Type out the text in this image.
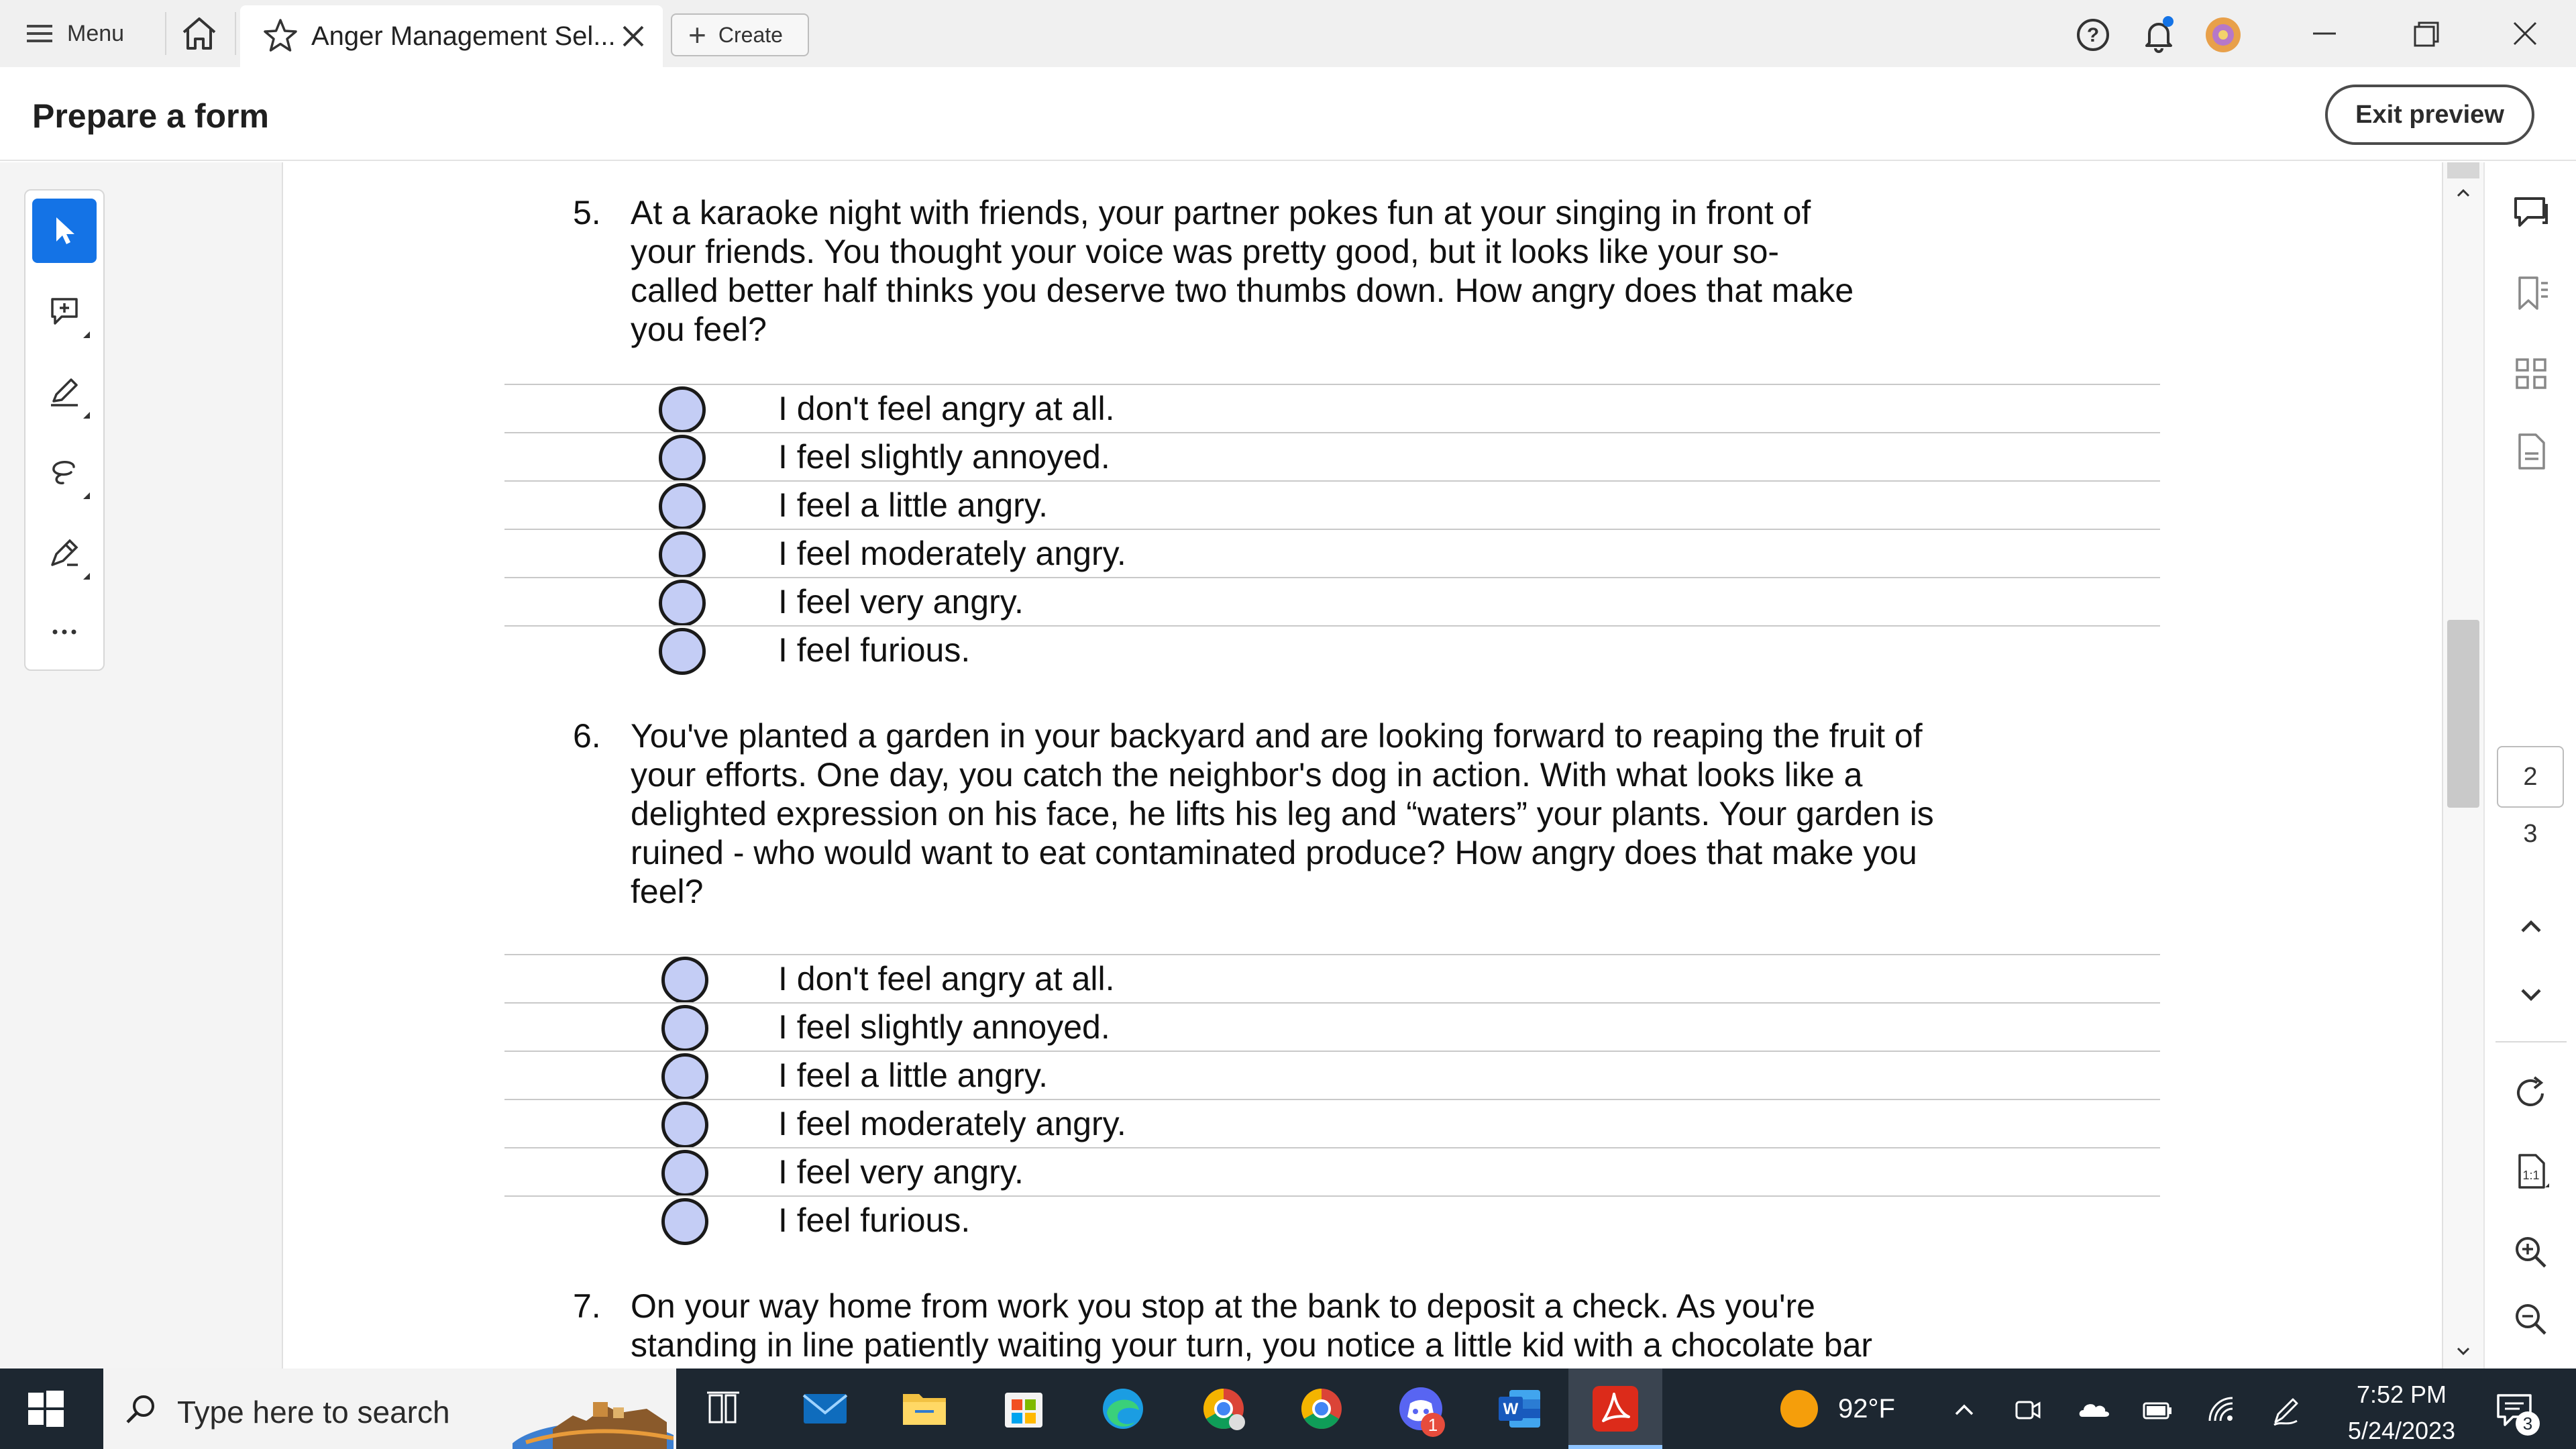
Menu	Anger Management Sel... + Create	?
Prepare a form	Exit preview
5. At a karaoke night with friends, your partner pokes fun at your singing in front of
your friends. You thought your voice was pretty good, but it looks like your so-
called better half thinks you deserve two thumbs down. How angry does that make
you feel?
I don't feel angry at all.
I feel slightly annoyed.
I feel a little angry.
I feel moderately angry.
I feel very angry.
I feel furious.
6. You've planted a garden in your backyard and are looking forward to reaping the fruit of
your efforts. One day, you catch the neighbor's dog in action. With what looks like a
delighted expression on his face, he lifts his leg and “waters” your plants. Your garden is
ruined - who would want to eat contaminated produce? How angry does that make you
feel?
I don't feel angry at all.
I feel slightly annoyed.
I feel a little angry.
I feel moderately angry.
I feel very angry.
I feel furious.
7. On your way home from work you stop at the bank to deposit a check. As you're
standing in line patiently waiting your turn, you notice a little kid with a chocolate bar
2
3
1:1
Type here to search	1
W	92°F	7:52 PM
5/24/2023	3
